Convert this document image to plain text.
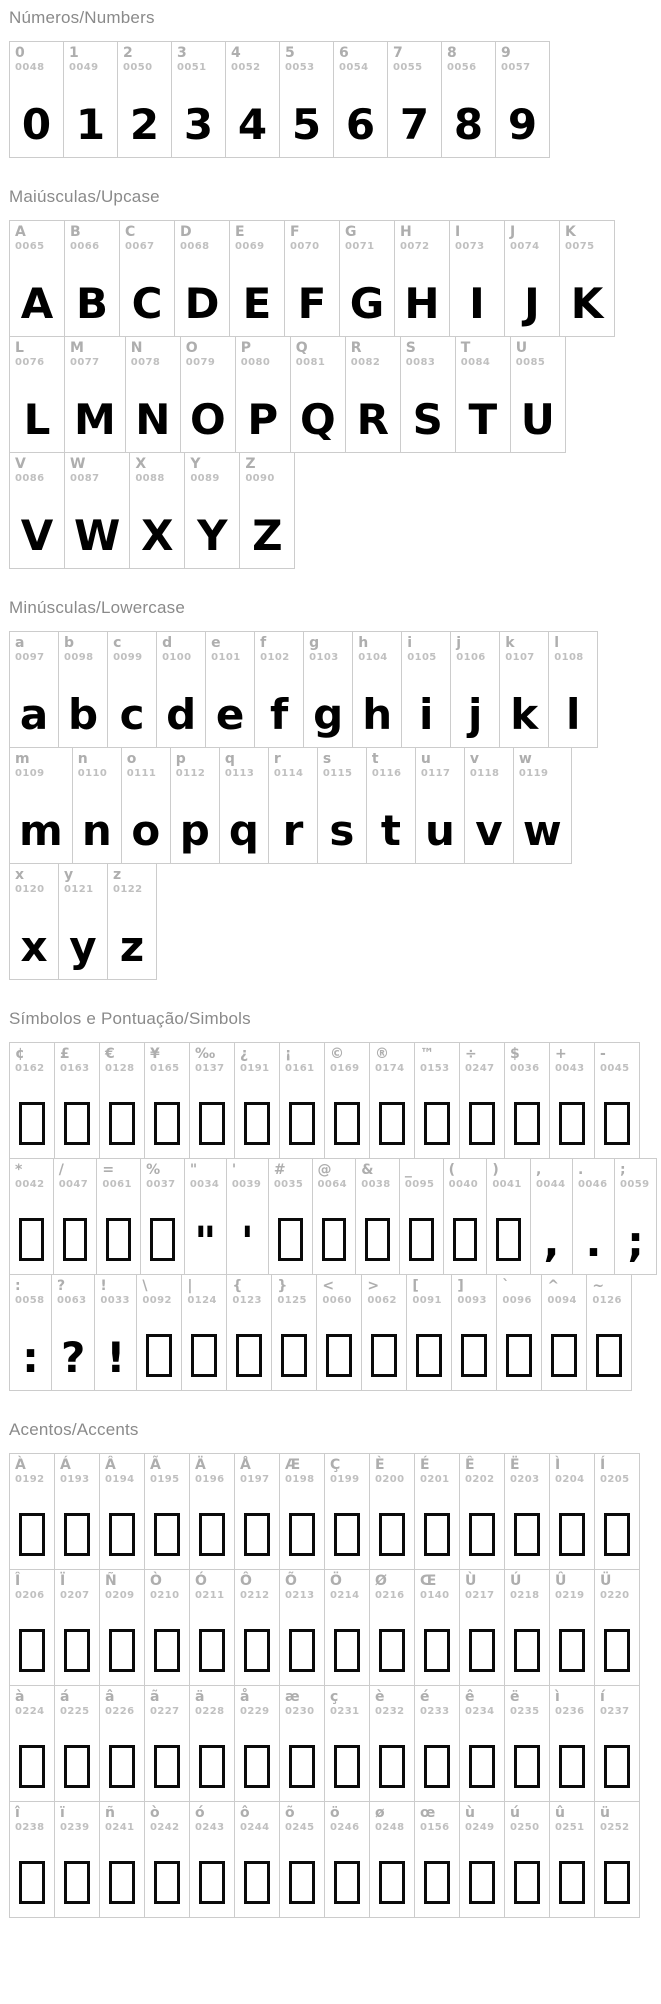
Números/Numbers
0
0048
0
1
0049
1
2
0050
2
3
0051
3
4
0052
4
5
0053
5
6
0054
6
7
0055
7
8
0056
8
9
0057
9
Maiúsculas/Upcase
A
0065
A
B
0066
B
C
0067
C
D
0068
D
E
0069
E
F
0070
F
G
0071
G
H
0072
H
I
0073
I
J
0074
J
K
0075
K
L
0076
L
M
0077
M
N
0078
N
O
0079
O
P
0080
P
Q
0081
Q
R
0082
R
S
0083
S
T
0084
T
U
0085
U
V
0086
V
W
0087
W
X
0088
X
Y
0089
Y
Z
0090
Z
Minúsculas/Lowercase
a
0097
a
b
0098
b
c
0099
c
d
0100
d
e
0101
e
f
0102
f
g
0103
g
h
0104
h
i
0105
i
j
0106
j
k
0107
k
l
0108
l
m
0109
m
n
0110
n
o
0111
o
p
0112
p
q
0113
q
r
0114
r
s
0115
s
t
0116
t
u
0117
u
v
0118
v
w
0119
w
x
0120
x
y
0121
y
z
0122
z
Símbolos e Pontuação/Simbols
¢
0162
£
0163
€
0128
¥
0165
‰
0137
¿
0191
¡
0161
©
0169
®
0174
™
0153
÷
0247
$
0036
+
0043
-
0045
*
0042
/
0047
=
0061
%
0037
"
0034
"
'
0039
'
#
0035
@
0064
&
0038
_
0095
(
0040
)
0041
,
0044
,
.
0046
.
;
0059
;
:
0058
:
?
0063
?
!
0033
!
\
0092
|
0124
{
0123
}
0125
<
0060
>
0062
[
0091
]
0093
`
0096
^
0094
~
0126
Acentos/Accents
À
0192
Á
0193
Â
0194
Ã
0195
Ä
0196
Å
0197
Æ
0198
Ç
0199
È
0200
É
0201
Ê
0202
Ë
0203
Ì
0204
Í
0205
Î
0206
Ï
0207
Ñ
0209
Ò
0210
Ó
0211
Ô
0212
Õ
0213
Ö
0214
Ø
0216
Œ
0140
Ù
0217
Ú
0218
Û
0219
Ü
0220
à
0224
á
0225
â
0226
ã
0227
ä
0228
å
0229
æ
0230
ç
0231
è
0232
é
0233
ê
0234
ë
0235
ì
0236
í
0237
î
0238
ï
0239
ñ
0241
ò
0242
ó
0243
ô
0244
õ
0245
ö
0246
ø
0248
œ
0156
ù
0249
ú
0250
û
0251
ü
0252
